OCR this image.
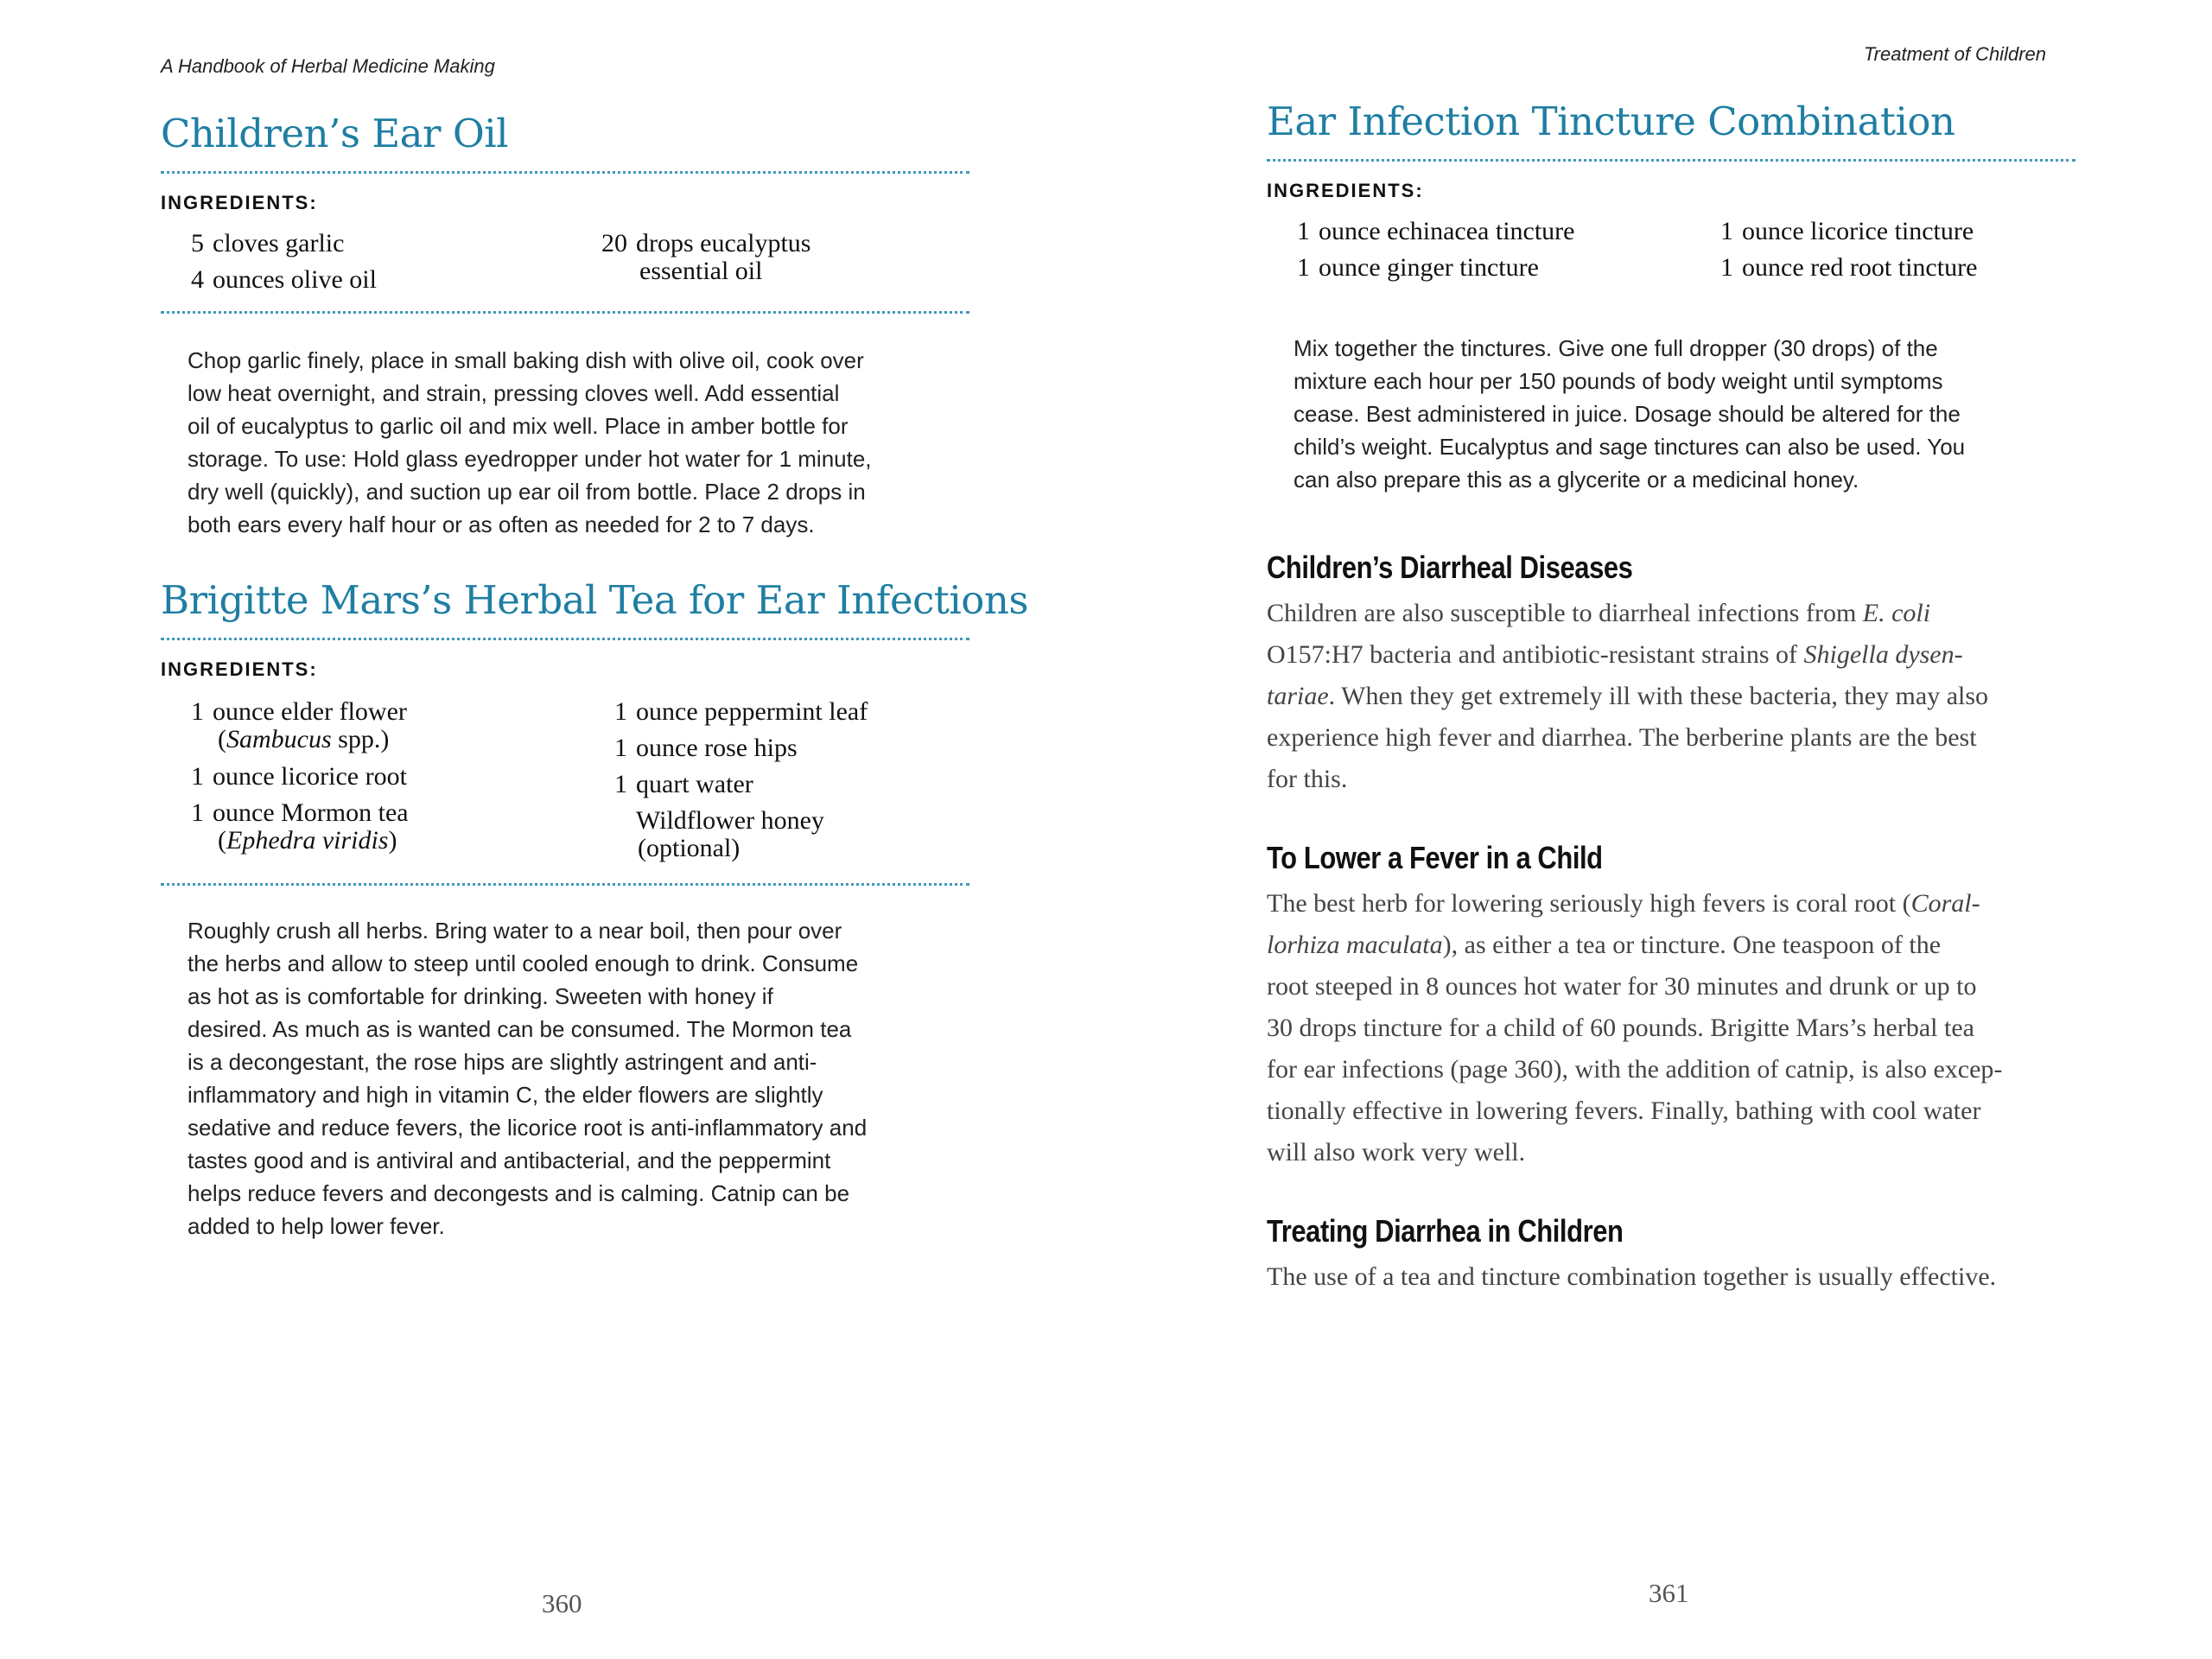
A Handbook of Herbal Medicine Making
Children’s Ear Oil
INGREDIENTS:
5 cloves garlic
4 ounces olive oil
20 drops eucalyptus
essential oil
Chop garlic finely, place in small baking dish with olive oil, cook over
low heat overnight, and strain, pressing cloves well. Add essential
oil of eucalyptus to garlic oil and mix well. Place in amber bottle for
storage. To use: Hold glass eyedropper under hot water for 1 minute,
dry well (quickly), and suction up ear oil from bottle. Place 2 drops in
both ears every half hour or as often as needed for 2 to 7 days.
Brigitte Mars’s Herbal Tea for Ear Infections
INGREDIENTS:
1 ounce elder flower
(Sambucus spp.)
1 ounce licorice root
1 ounce Mormon tea
(Ephedra viridis)
1 ounce peppermint leaf
1 ounce rose hips
1 quart water
Wildflower honey
(optional)
Roughly crush all herbs. Bring water to a near boil, then pour over
the herbs and allow to steep until cooled enough to drink. Consume
as hot as is comfortable for drinking. Sweeten with honey if
desired. As much as is wanted can be consumed. The Mormon tea
is a decongestant, the rose hips are slightly astringent and anti-
inflammatory and high in vitamin C, the elder flowers are slightly
sedative and reduce fevers, the licorice root is anti-inflammatory and
tastes good and is antiviral and antibacterial, and the peppermint
helps reduce fevers and decongests and is calming. Catnip can be
added to help lower fever.
360
Treatment of Children
Ear Infection Tincture Combination
INGREDIENTS:
1 ounce echinacea tincture
1 ounce ginger tincture
1 ounce licorice tincture
1 ounce red root tincture
Mix together the tinctures. Give one full dropper (30 drops) of the
mixture each hour per 150 pounds of body weight until symptoms
cease. Best administered in juice. Dosage should be altered for the
child’s weight. Eucalyptus and sage tinctures can also be used. You
can also prepare this as a glycerite or a medicinal honey.
Children’s Diarrheal Diseases
Children are also susceptible to diarrheal infections from E. coli
O157:H7 bacteria and antibiotic-resistant strains of Shigella dysen-
tariae. When they get extremely ill with these bacteria, they may also
experience high fever and diarrhea. The berberine plants are the best
for this.
To Lower a Fever in a Child
The best herb for lowering seriously high fevers is coral root (Coral-
lorhiza maculata), as either a tea or tincture. One teaspoon of the
root steeped in 8 ounces hot water for 30 minutes and drunk or up to
30 drops tincture for a child of 60 pounds. Brigitte Mars’s herbal tea
for ear infections (page 360), with the addition of catnip, is also excep-
tionally effective in lowering fevers. Finally, bathing with cool water
will also work very well.
Treating Diarrhea in Children
The use of a tea and tincture combination together is usually effective.
361
